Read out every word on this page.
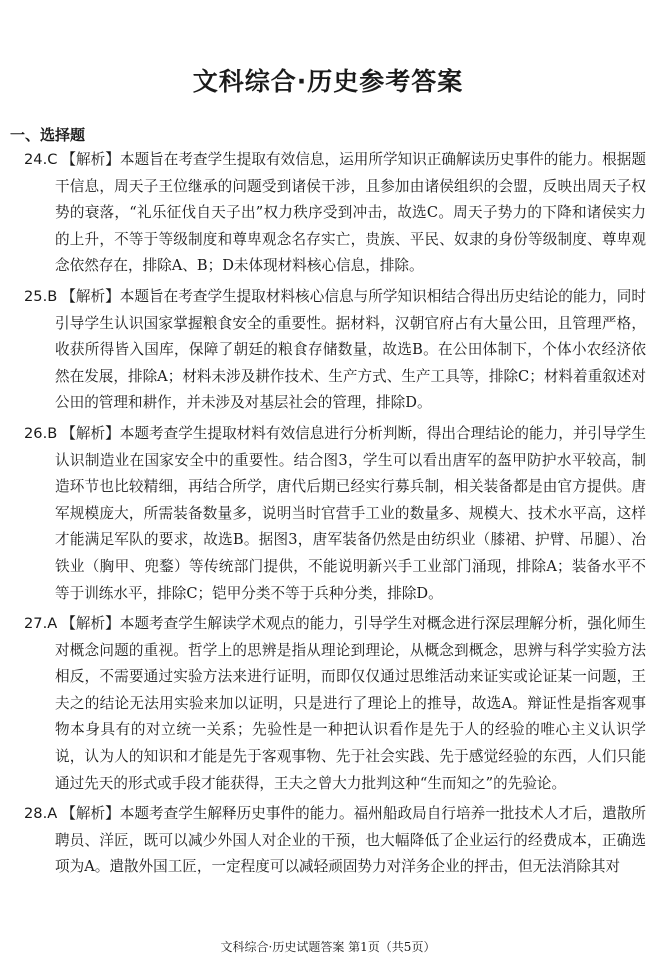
文科综合·历史参考答案
一、选择题

24.C 【解析】本题旨在考查学生提取有效信息，运用所学知识正确解读历史事件的能力。根据题干信息，周天子王位继承的问题受到诸侯干涉，且参加由诸侯组织的会盟，反映出周天子权势的衰落，“礼乐征伐自天子出”权力秩序受到冲击，故选C。周天子势力的下降和诸侯实力的上升，不等于等级制度和尊卑观念名存实亡，贵族、平民、奴隶的身份等级制度、尊卑观念依然存在，排除A、B；D未体现材料核心信息，排除。

25.B 【解析】本题旨在考查学生提取材料核心信息与所学知识相结合得出历史结论的能力，同时引导学生认识国家掌握粮食安全的重要性。据材料，汉朝官府占有大量公田，且管理严格，收获所得皆入国库，保障了朝廷的粮食存储数量，故选B。在公田体制下，个体小农经济依然在发展，排除A；材料未涉及耕作技术、生产方式、生产工具等，排除C；材料着重叙述对公田的管理和耕作，并未涉及对基层社会的管理，排除D。

26.B 【解析】本题考查学生提取材料有效信息进行分析判断，得出合理结论的能力，并引导学生认识制造业在国家安全中的重要性。结合图3，学生可以看出唐军的盔甲防护水平较高，制造环节也比较精细，再结合所学，唐代后期已经实行募兵制，相关装备都是由官方提供。唐军规模庞大，所需装备数量多，说明当时官营手工业的数量多、规模大、技术水平高，这样才能满足军队的要求，故选B。据图3，唐军装备仍然是由纺织业（膝裙、护臂、吊腿）、冶铁业（胸甲、兜鍪）等传统部门提供，不能说明新兴手工业部门涌现，排除A；装备水平不等于训练水平，排除C；铠甲分类不等于兵种分类，排除D。

27.A 【解析】本题考查学生解读学术观点的能力，引导学生对概念进行深层理解分析，强化师生对概念问题的重视。哲学上的思辨是指从理论到理论，从概念到概念，思辨与科学实验方法相反，不需要通过实验方法来进行证明，而即仅仅通过思维活动来证实或论证某一问题，王夫之的结论无法用实验来加以证明，只是进行了理论上的推导，故选A。辩证性是指客观事物本身具有的对立统一关系；先验性是一种把认识看作是先于人的经验的唯心主义认识学说，认为人的知识和才能是先于客观事物、先于社会实践、先于感觉经验的东西，人们只能通过先天的形式或手段才能获得，王夫之曾大力批判这种“生而知之”的先验论。

28.A 【解析】本题考查学生解释历史事件的能力。福州船政局自行培养一批技术人才后，遣散所聘员、洋匠，既可以减少外国人对企业的干预，也大幅降低了企业运行的经费成本，正确选项为A。遣散外国工匠，一定程度可以减轻顽固势力对洋务企业的抨击，但无法消除其对

文科综合·历史试题答案 第1页（共5页）
